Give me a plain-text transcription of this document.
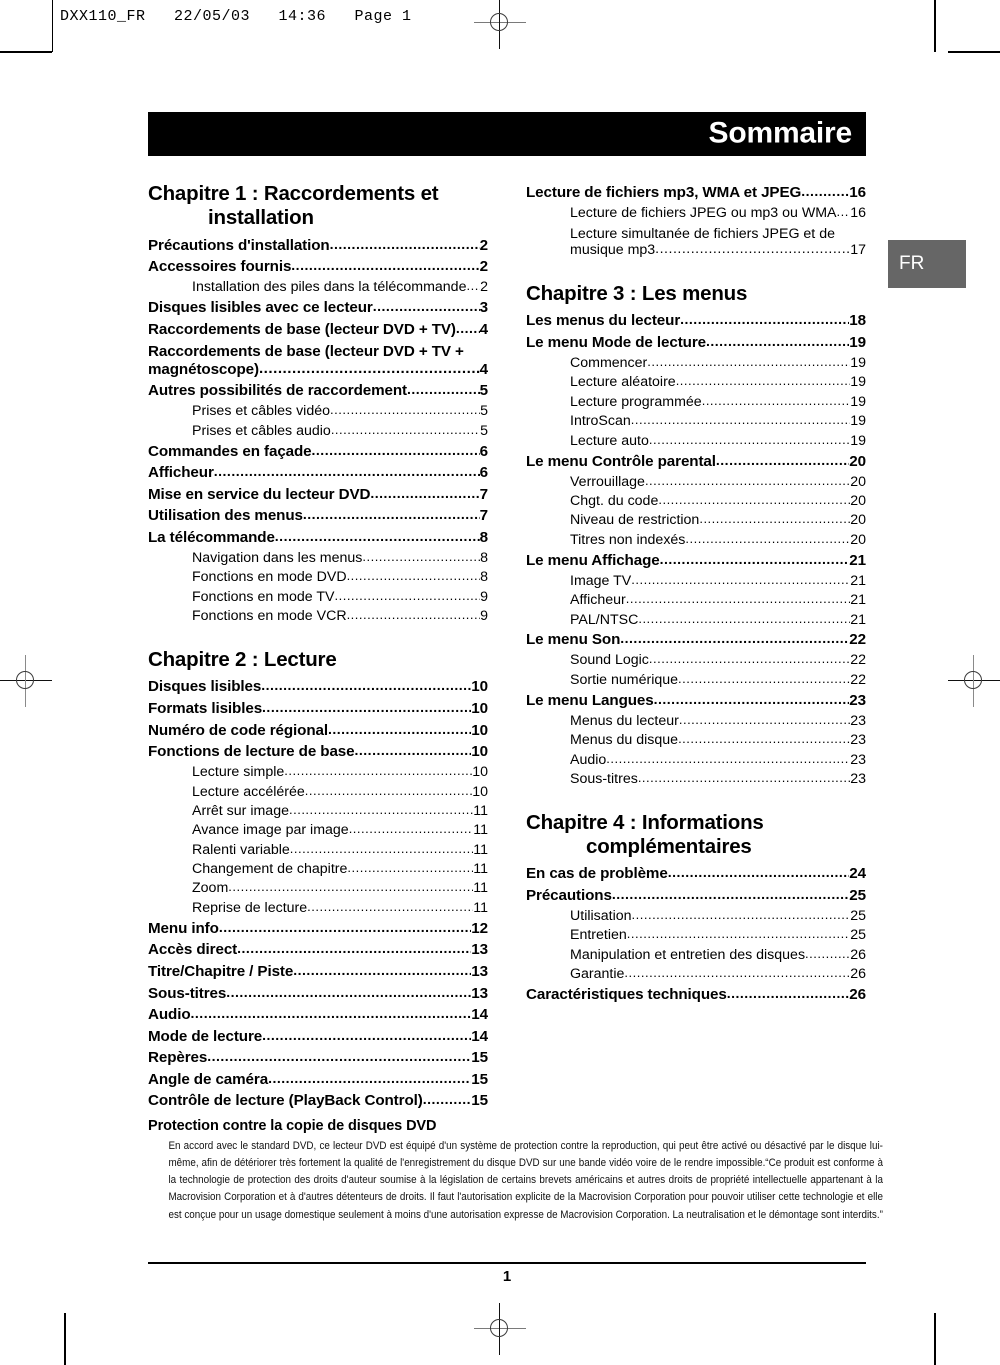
DXX110_FR   22/05/03   14:36   Page 1
FR
Sommaire
Chapitre 1 : Raccordements et
installation
Précautions d'installation .....	2
Accessoires fournis .....	2
Installation des piles dans la télécommande ..... 2
Disques lisibles avec ce lecteur .....	3
Raccordements de base (lecteur DVD + TV) ..... 4
Raccordements de base (lecteur DVD + TV +
magnétoscope) .....	4
Autres possibilités de raccordement .....	5
Prises et câbles vidéo .....	5
Prises et câbles audio .....	5
Commandes en façade .....	6
Afficheur .....	6
Mise en service du lecteur DVD .....	7
Utilisation des menus .....	7
La télécommande .....	8
Navigation dans les menus .....	8
Fonctions en mode DVD .....	8
Fonctions en mode TV .....	9
Fonctions en mode VCR .....	9
Chapitre 2 : Lecture
Disques lisibles .....	10
Formats lisibles .....	10
Numéro de code régional .....	10
Fonctions de lecture de base .....	10
Lecture simple .....	10
Lecture accélérée .....	10
Arrêt sur image .....	11
Avance image par image .....	11
Ralenti variable .....	11
Changement de chapitre .....	11
Zoom .....	11
Reprise de lecture .....	11
Menu info .....	12
Accès direct .....	13
Titre/Chapitre / Piste .....	13
Sous-titres .....	13
Audio .....	14
Mode de lecture .....	14
Repères .....	15
Angle de caméra .....	15
Contrôle de lecture (PlayBack Control) .....	15
Lecture de fichiers mp3, WMA et JPEG .....	16
Lecture de fichiers JPEG ou mp3 ou WMA ..... 16
Lecture simultanée de fichiers JPEG et de
musique mp3 .....	17
Chapitre 3 : Les menus
Les menus du lecteur .....	18
Le menu Mode de lecture .....	19
Commencer .....	19
Lecture aléatoire .....	19
Lecture programmée .....	19
IntroScan .....	19
Lecture auto .....	19
Le menu Contrôle parental .....	20
Verrouillage .....	20
Chgt. du code .....	20
Niveau de restriction .....	20
Titres non indexés .....	20
Le menu Affichage .....	21
Image TV .....	21
Afficheur .....	21
PAL/NTSC .....	21
Le menu Son .....	22
Sound Logic .....	22
Sortie numérique .....	22
Le menu Langues .....	23
Menus du lecteur .....	23
Menus du disque .....	23
Audio .....	23
Sous-titres .....	23
Chapitre 4 : Informations
complémentaires
En cas de problème .....	24
Précautions .....	25
Utilisation .....	25
Entretien .....	25
Manipulation et entretien des disques .....	26
Garantie .....	26
Caractéristiques techniques .....	26
Protection contre la copie de disques DVD
En accord avec le standard DVD, ce lecteur DVD est équipé d'un système de protection contre la reproduction, qui peut être activé ou désactivé par le disque lui-même, afin de détériorer très fortement la qualité de l'enregistrement du disque DVD sur une bande vidéo voire de le rendre impossible.“Ce produit est conforme à la technologie de protection des droits d'auteur soumise à la législation de certains brevets américains et autres droits de propriété intellectuelle appartenant à la Macrovision Corporation et à d'autres détenteurs de droits. Il faut l'autorisation explicite de la Macrovision Corporation pour pouvoir utiliser cette technologie et elle est conçue pour un usage domestique seulement à moins d'une autorisation expresse de Macrovision Corporation. La neutralisation et le démontage sont interdits.”
1
